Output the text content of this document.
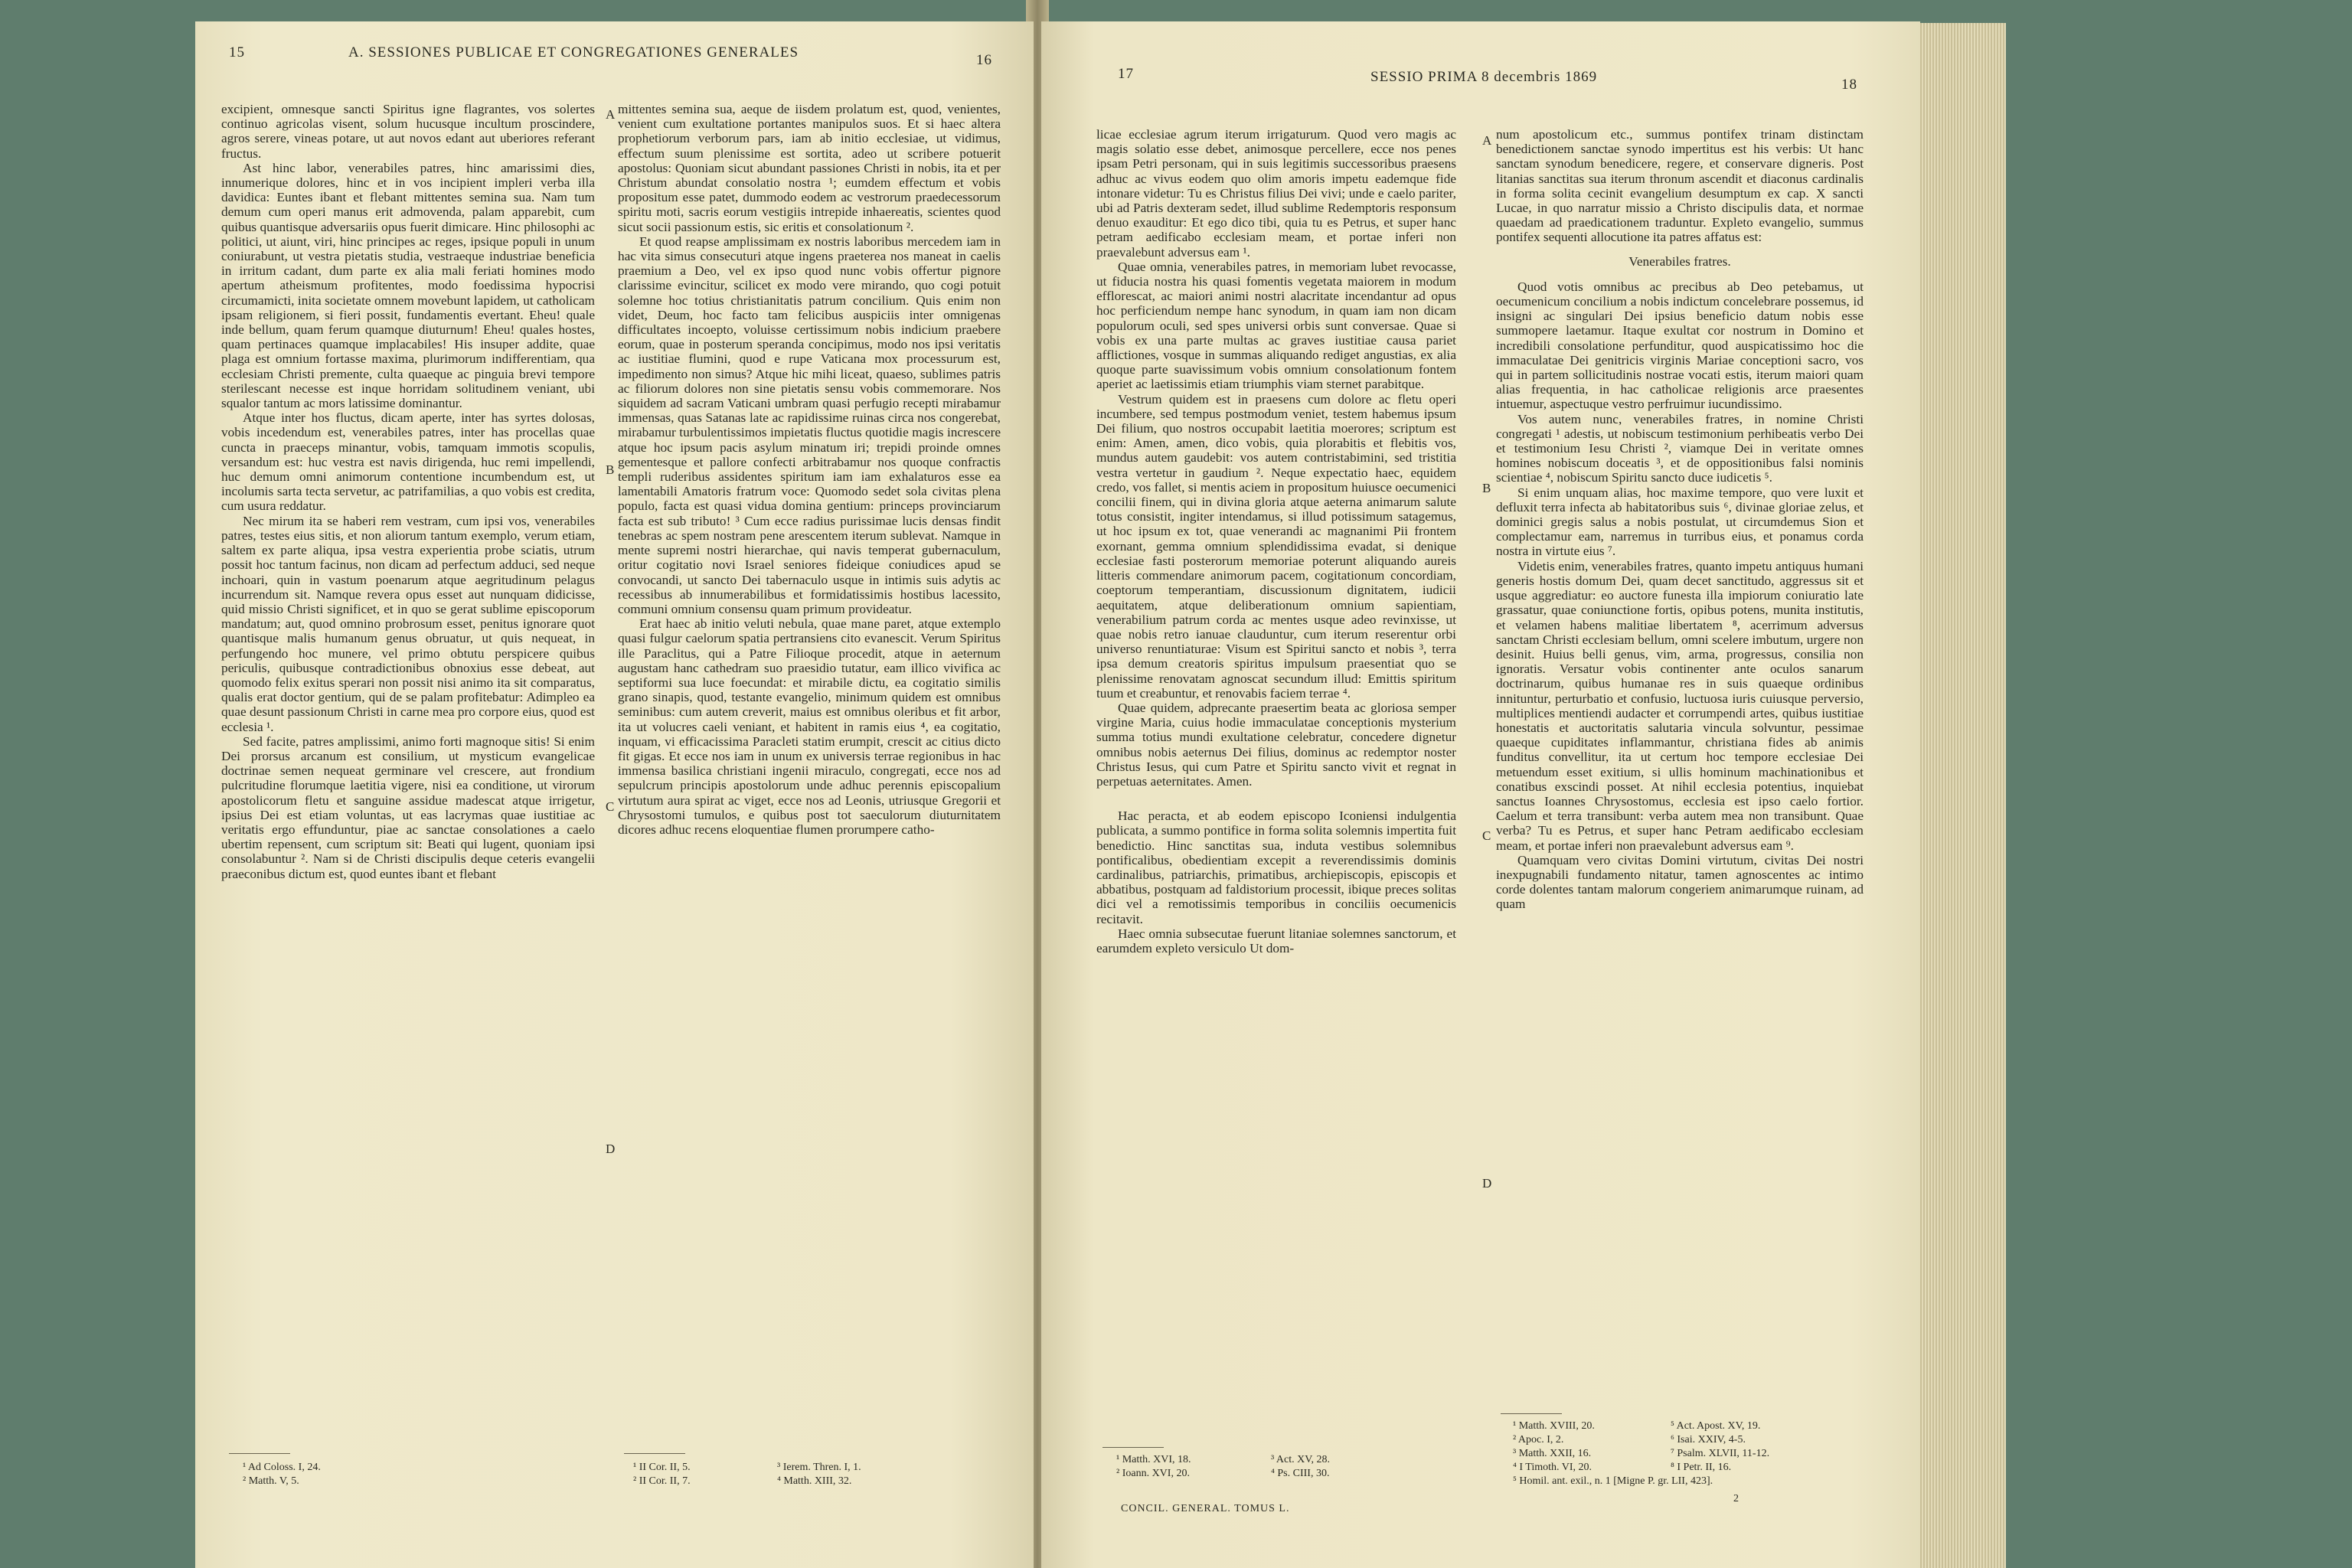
15	A. SESSIONES PUBLICAE ET CONGREGATIONES GENERALES	16

excipient, omnesque sancti Spiritus igne flagrantes, vos solertes continuo agricolas visent, solum hucusque incultum proscindere, agros serere, vineas potare, ut aut novos edant aut uberiores referant fructus.

Ast hinc labor, venerabiles patres, hinc amarissimi dies, innumerique dolores, hinc et in vos incipient impleri verba illa davidica: Euntes ibant et flebant mittentes semina sua. Nam tum demum cum operi manus erit admovenda, palam apparebit, cum quibus quantisque adversariis opus fuerit dimicare. Hinc philosophi ac politici, ut aiunt, viri, hinc principes ac reges, ipsique populi in unum coniurabunt, ut vestra pietatis studia, vestraeque industriae beneficia in irritum cadant, dum parte ex alia mali feriati homines modo apertum atheismum profitentes, modo foedissima hypocrisi circumamicti, inita societate omnem movebunt lapidem, ut catholicam ipsam religionem, si fieri possit, fundamentis evertant. Eheu! quale inde bellum, quam ferum quamque diuturnum! Eheu! quales hostes, quam pertinaces quamque implacabiles! His insuper addite, quae plaga est omnium fortasse maxima, plurimorum indifferentiam, qua ecclesiam Christi premente, culta quaeque ac pinguia brevi tempore sterilescant necesse est inque horridam solitudinem veniant, ubi squalor tantum ac mors latissime dominantur.

Atque inter hos fluctus, dicam aperte, inter has syrtes dolosas, vobis incedendum est, venerabiles patres, inter has procellas quae cuncta in praeceps minantur, vobis, tamquam immotis scopulis, versandum est: huc vestra est navis dirigenda, huc remi impellendi, huc demum omni animorum contentione incumbendum est, ut incolumis sarta tecta servetur, ac patrifamilias, a quo vobis est credita, cum usura reddatur.

Nec mirum ita se haberi rem vestram, cum ipsi vos, venerabiles patres, testes eius sitis, et non aliorum tantum exemplo, verum etiam, saltem ex parte aliqua, ipsa vestra experientia probe sciatis, utrum possit hoc tantum facinus, non dicam ad perfectum adduci, sed neque inchoari, quin in vastum poenarum atque aegritudinum pelagus incurrendum sit. Namque revera opus esset aut nunquam didicisse, quid missio Christi significet, et in quo se gerat sublime episcoporum mandatum; aut, quod omnino probrosum esset, penitus ignorare quot quantisque malis humanum genus obruatur, ut quis nequeat, in perfungendo hoc munere, vel primo obtutu perspicere quibus periculis, quibusque contradictionibus obnoxius esse debeat, aut quomodo felix exitus sperari non possit nisi animo ita sit comparatus, qualis erat doctor gentium, qui de se palam profitebatur: Adimpleo ea quae desunt passionum Christi in carne mea pro corpore eius, quod est ecclesia ¹.

Sed facite, patres amplissimi, animo forti magnoque sitis! Si enim Dei prorsus arcanum est consilium, ut mysticum evangelicae doctrinae semen nequeat germinare vel crescere, aut frondium pulcritudine florumque laetitia vigere, nisi ea conditione, ut virorum apostolicorum fletu et sanguine assidue madescat atque irrigetur, ipsius Dei est etiam voluntas, ut eas lacrymas quae iustitiae ac veritatis ergo effunduntur, piae ac sanctae consolationes a caelo ubertim repensent, cum scriptum sit: Beati qui lugent, quoniam ipsi consolabuntur ². Nam si de Christi discipulis deque ceteris evangelii praeconibus dictum est, quod euntes ibant et flebant

A
B
C
D

mittentes semina sua, aeque de iisdem prolatum est, quod, venientes, venient cum exultatione portantes manipulos suos. Et si haec altera prophetiorum verborum pars, iam ab initio ecclesiae, ut vidimus, effectum suum plenissime est sortita, adeo ut scribere potuerit apostolus: Quoniam sicut abundant passiones Christi in nobis, ita et per Christum abundat consolatio nostra ¹; eumdem effectum et vobis propositum esse patet, dummodo eodem ac vestrorum praedecessorum spiritu moti, sacris eorum vestigiis intrepide inhaereatis, scientes quod sicut socii passionum estis, sic eritis et consolationum ².

Et quod reapse amplissimam ex nostris laboribus mercedem iam in hac vita simus consecuturi atque ingens praeterea nos maneat in caelis praemium a Deo, vel ex ipso quod nunc vobis offertur pignore clarissime evincitur, scilicet ex modo vere mirando, quo cogi potuit solemne hoc totius christianitatis patrum concilium. Quis enim non videt, Deum, hoc facto tam felicibus auspiciis inter omnigenas difficultates incoepto, voluisse certissimum nobis indicium praebere eorum, quae in posterum speranda concipimus, modo nos ipsi veritatis ac iustitiae flumini, quod e rupe Vaticana mox processurum est, impedimento non simus? Atque hic mihi liceat, quaeso, sublimes patris ac filiorum dolores non sine pietatis sensu vobis commemorare. Nos siquidem ad sacram Vaticani umbram quasi perfugio recepti mirabamur immensas, quas Satanas late ac rapidissime ruinas circa nos congerebat, mirabamur turbulentissimos impietatis fluctus quotidie magis increscere atque hoc ipsum pacis asylum minatum iri; trepidi proinde omnes gementesque et pallore confecti arbitrabamur nos quoque confractis templi ruderibus assidentes spiritum iam iam exhalaturos esse ea lamentabili Amatoris fratrum voce: Quomodo sedet sola civitas plena populo, facta est quasi vidua domina gentium: princeps provinciarum facta est sub tributo! ³ Cum ecce radius purissimae lucis densas findit tenebras ac spem nostram pene arescentem iterum sublevat. Namque in mente supremi nostri hierarchae, qui navis temperat gubernaculum, oritur cogitatio novi Israel seniores fideique coniudices apud se convocandi, ut sancto Dei tabernaculo usque in intimis suis adytis ac recessibus ab innumerabilibus et formidatissimis hostibus lacessito, communi omnium consensu quam primum provideatur.

Erat haec ab initio veluti nebula, quae mane paret, atque extemplo quasi fulgur caelorum spatia pertransiens cito evanescit. Verum Spiritus ille Paraclitus, qui a Patre Filioque procedit, atque in aeternum augustam hanc cathedram suo praesidio tutatur, eam illico vivifica ac septiformi sua luce foecundat: et mirabile dictu, ea cogitatio similis grano sinapis, quod, testante evangelio, minimum quidem est omnibus seminibus: cum autem creverit, maius est omnibus oleribus et fit arbor, ita ut volucres caeli veniant, et habitent in ramis eius ⁴, ea cogitatio, inquam, vi efficacissima Paracleti statim erumpit, crescit ac citius dicto fit gigas. Et ecce nos iam in unum ex universis terrae regionibus in hac immensa basilica christiani ingenii miraculo, congregati, ecce nos ad sepulcrum principis apostolorum unde adhuc perennis episcopalium virtutum aura spirat ac viget, ecce nos ad Leonis, utriusque Gregorii et Chrysostomi tumulos, e quibus post tot saeculorum diuturnitatem dicores adhuc recens eloquentiae flumen prorumpere catho-

¹ Ad Coloss. I, 24.
² Matth. V, 5.
¹ II Cor. II, 5.
² II Cor. II, 7.
³ Ierem. Thren. I, 1.
⁴ Matth. XIII, 32.
17	SESSIO PRIMA 8 decembris 1869	18

licae ecclesiae agrum iterum irrigaturum. Quod vero magis ac magis solatio esse debet, animosque percellere, ecce nos penes ipsam Petri personam, qui in suis legitimis successoribus praesens adhuc ac vivus eodem quo olim amoris impetu eademque fide intonare videtur: Tu es Christus filius Dei vivi; unde e caelo pariter, ubi ad Patris dexteram sedet, illud sublime Redemptoris responsum denuo exauditur: Et ego dico tibi, quia tu es Petrus, et super hanc petram aedificabo ecclesiam meam, et portae inferi non praevalebunt adversus eam ¹.

Quae omnia, venerabiles patres, in memoriam lubet revocasse, ut fiducia nostra his quasi fomentis vegetata maiorem in modum efflorescat, ac maiori animi nostri alacritate incendantur ad opus hoc perficiendum nempe hanc synodum, in quam iam non dicam populorum oculi, sed spes universi orbis sunt conversae. Quae si vobis ex una parte multas ac graves iustitiae causa pariet afflictiones, vosque in summas aliquando rediget angustias, ex alia quoque parte suavissimum vobis omnium consolationum fontem aperiet ac laetissimis etiam triumphis viam sternet parabitque.

Vestrum quidem est in praesens cum dolore ac fletu operi incumbere, sed tempus postmodum veniet, testem habemus ipsum Dei filium, quo nostros occupabit laetitia moerores; scriptum est enim: Amen, amen, dico vobis, quia plorabitis et flebitis vos, mundus autem gaudebit: vos autem contristabimini, sed tristitia vestra vertetur in gaudium ². Neque expectatio haec, equidem credo, vos fallet, si mentis aciem in propositum huiusce oecumenici concilii finem, qui in divina gloria atque aeterna animarum salute totus consistit, ingiter intendamus, si illud potissimum satagemus, ut hoc ipsum ex tot, quae venerandi ac magnanimi Pii frontem exornant, gemma omnium splendidissima evadat, si denique ecclesiae fasti posterorum memoriae poterunt aliquando aureis litteris commendare animorum pacem, cogitationum concordiam, coeptorum temperantiam, discussionum dignitatem, iudicii aequitatem, atque deliberationum omnium sapientiam, venerabilium patrum corda ac mentes usque adeo revinxisse, ut quae nobis retro ianuae clauduntur, cum iterum reserentur orbi universo renuntiaturae: Visum est Spiritui sancto et nobis ³, terra ipsa demum creatoris spiritus impulsum praesentiat quo se plenissime renovatam agnoscat secundum illud: Emittis spiritum tuum et creabuntur, et renovabis faciem terrae ⁴.

Quae quidem, adprecante praesertim beata ac gloriosa semper virgine Maria, cuius hodie immaculatae conceptionis mysterium summa totius mundi exultatione celebratur, concedere dignetur omnibus nobis aeternus Dei filius, dominus ac redemptor noster Christus Iesus, qui cum Patre et Spiritu sancto vivit et regnat in perpetuas aeternitates. Amen.

Hac peracta, et ab eodem episcopo Iconiensi indulgentia publicata, a summo pontifice in forma solita solemnis impertita fuit benedictio. Hinc sanctitas sua, induta vestibus solemnibus pontificalibus, obedientiam excepit a reverendissimis dominis cardinalibus, patriarchis, primatibus, archiepiscopis, episcopis et abbatibus, postquam ad faldistorium processit, ibique preces solitas dici vel a remotissimis temporibus in conciliis oecumenicis recitavit.

Haec omnia subsecutae fuerunt litaniae solemnes sanctorum, et earumdem expleto versiculo Ut dom-

A
B
C
D

num apostolicum etc., summus pontifex trinam distinctam benedictionem sanctae synodo impertitus est his verbis: Ut hanc sanctam synodum benedicere, regere, et conservare digneris. Post litanias sanctitas sua iterum thronum ascendit et diaconus cardinalis in forma solita cecinit evangelium desumptum ex cap. X sancti Lucae, in quo narratur missio a Christo discipulis data, et normae quaedam ad praedicationem traduntur. Expleto evangelio, summus pontifex sequenti allocutione ita patres affatus est:

Venerabiles fratres.

Quod votis omnibus ac precibus ab Deo petebamus, ut oecumenicum concilium a nobis indictum concelebrare possemus, id insigni ac singulari Dei ipsius beneficio datum nobis esse summopere laetamur. Itaque exultat cor nostrum in Domino et incredibili consolatione perfunditur, quod auspicatissimo hoc die immaculatae Dei genitricis virginis Mariae conceptioni sacro, vos qui in partem sollicitudinis nostrae vocati estis, iterum maiori quam alias frequentia, in hac catholicae religionis arce praesentes intuemur, aspectuque vestro perfruimur iucundissimo.

Vos autem nunc, venerabiles fratres, in nomine Christi congregati ¹ adestis, ut nobiscum testimonium perhibeatis verbo Dei et testimonium Iesu Christi ², viamque Dei in veritate omnes homines nobiscum doceatis ³, et de oppositionibus falsi nominis scientiae ⁴, nobiscum Spiritu sancto duce iudicetis ⁵.

Si enim unquam alias, hoc maxime tempore, quo vere luxit et defluxit terra infecta ab habitatoribus suis ⁶, divinae gloriae zelus, et dominici gregis salus a nobis postulat, ut circumdemus Sion et complectamur eam, narremus in turribus eius, et ponamus corda nostra in virtute eius ⁷.

Videtis enim, venerabiles fratres, quanto impetu antiquus humani generis hostis domum Dei, quam decet sanctitudo, aggressus sit et usque aggrediatur: eo auctore funesta illa impiorum coniuratio late grassatur, quae coniunctione fortis, opibus potens, munita institutis, et velamen habens malitiae libertatem ⁸, acerrimum adversus sanctam Christi ecclesiam bellum, omni scelere imbutum, urgere non desinit. Huius belli genus, vim, arma, progressus, consilia non ignoratis. Versatur vobis continenter ante oculos sanarum doctrinarum, quibus humanae res in suis quaeque ordinibus innituntur, perturbatio et confusio, luctuosa iuris cuiusque perversio, multiplices mentiendi audacter et corrumpendi artes, quibus iustitiae honestatis et auctoritatis salutaria vincula solvuntur, pessimae quaeque cupiditates inflammantur, christiana fides ab animis funditus convellitur, ita ut certum hoc tempore ecclesiae Dei metuendum esset exitium, si ullis hominum machinationibus et conatibus exscindi posset. At nihil ecclesia potentius, inquiebat sanctus Ioannes Chrysostomus, ecclesia est ipso caelo fortior. Caelum et terra transibunt: verba autem mea non transibunt. Quae verba? Tu es Petrus, et super hanc Petram aedificabo ecclesiam meam, et portae inferi non praevalebunt adversus eam ⁹.

Quamquam vero civitas Domini virtutum, civitas Dei nostri inexpugnabili fundamento nitatur, tamen agnoscentes ac intimo corde dolentes tantam malorum congeriem animarumque ruinam, ad quam

¹ Matth. XVI, 18.
² Ioann. XVI, 20.
³ Act. XV, 28.
⁴ Ps. CIII, 30.
CONCIL. GENERAL. TOMUS L.
¹ Matth. XVIII, 20.
² Apoc. I, 2.
³ Matth. XXII, 16.
⁴ I Timoth. VI, 20.
⁵ Homil. ant. exil., n. 1 [Migne P. gr. LII, 423].
⁵ Act. Apost. XV, 19.
⁶ Isai. XXIV, 4-5.
⁷ Psalm. XLVII, 11-12.
⁸ I Petr. II, 16.
2
